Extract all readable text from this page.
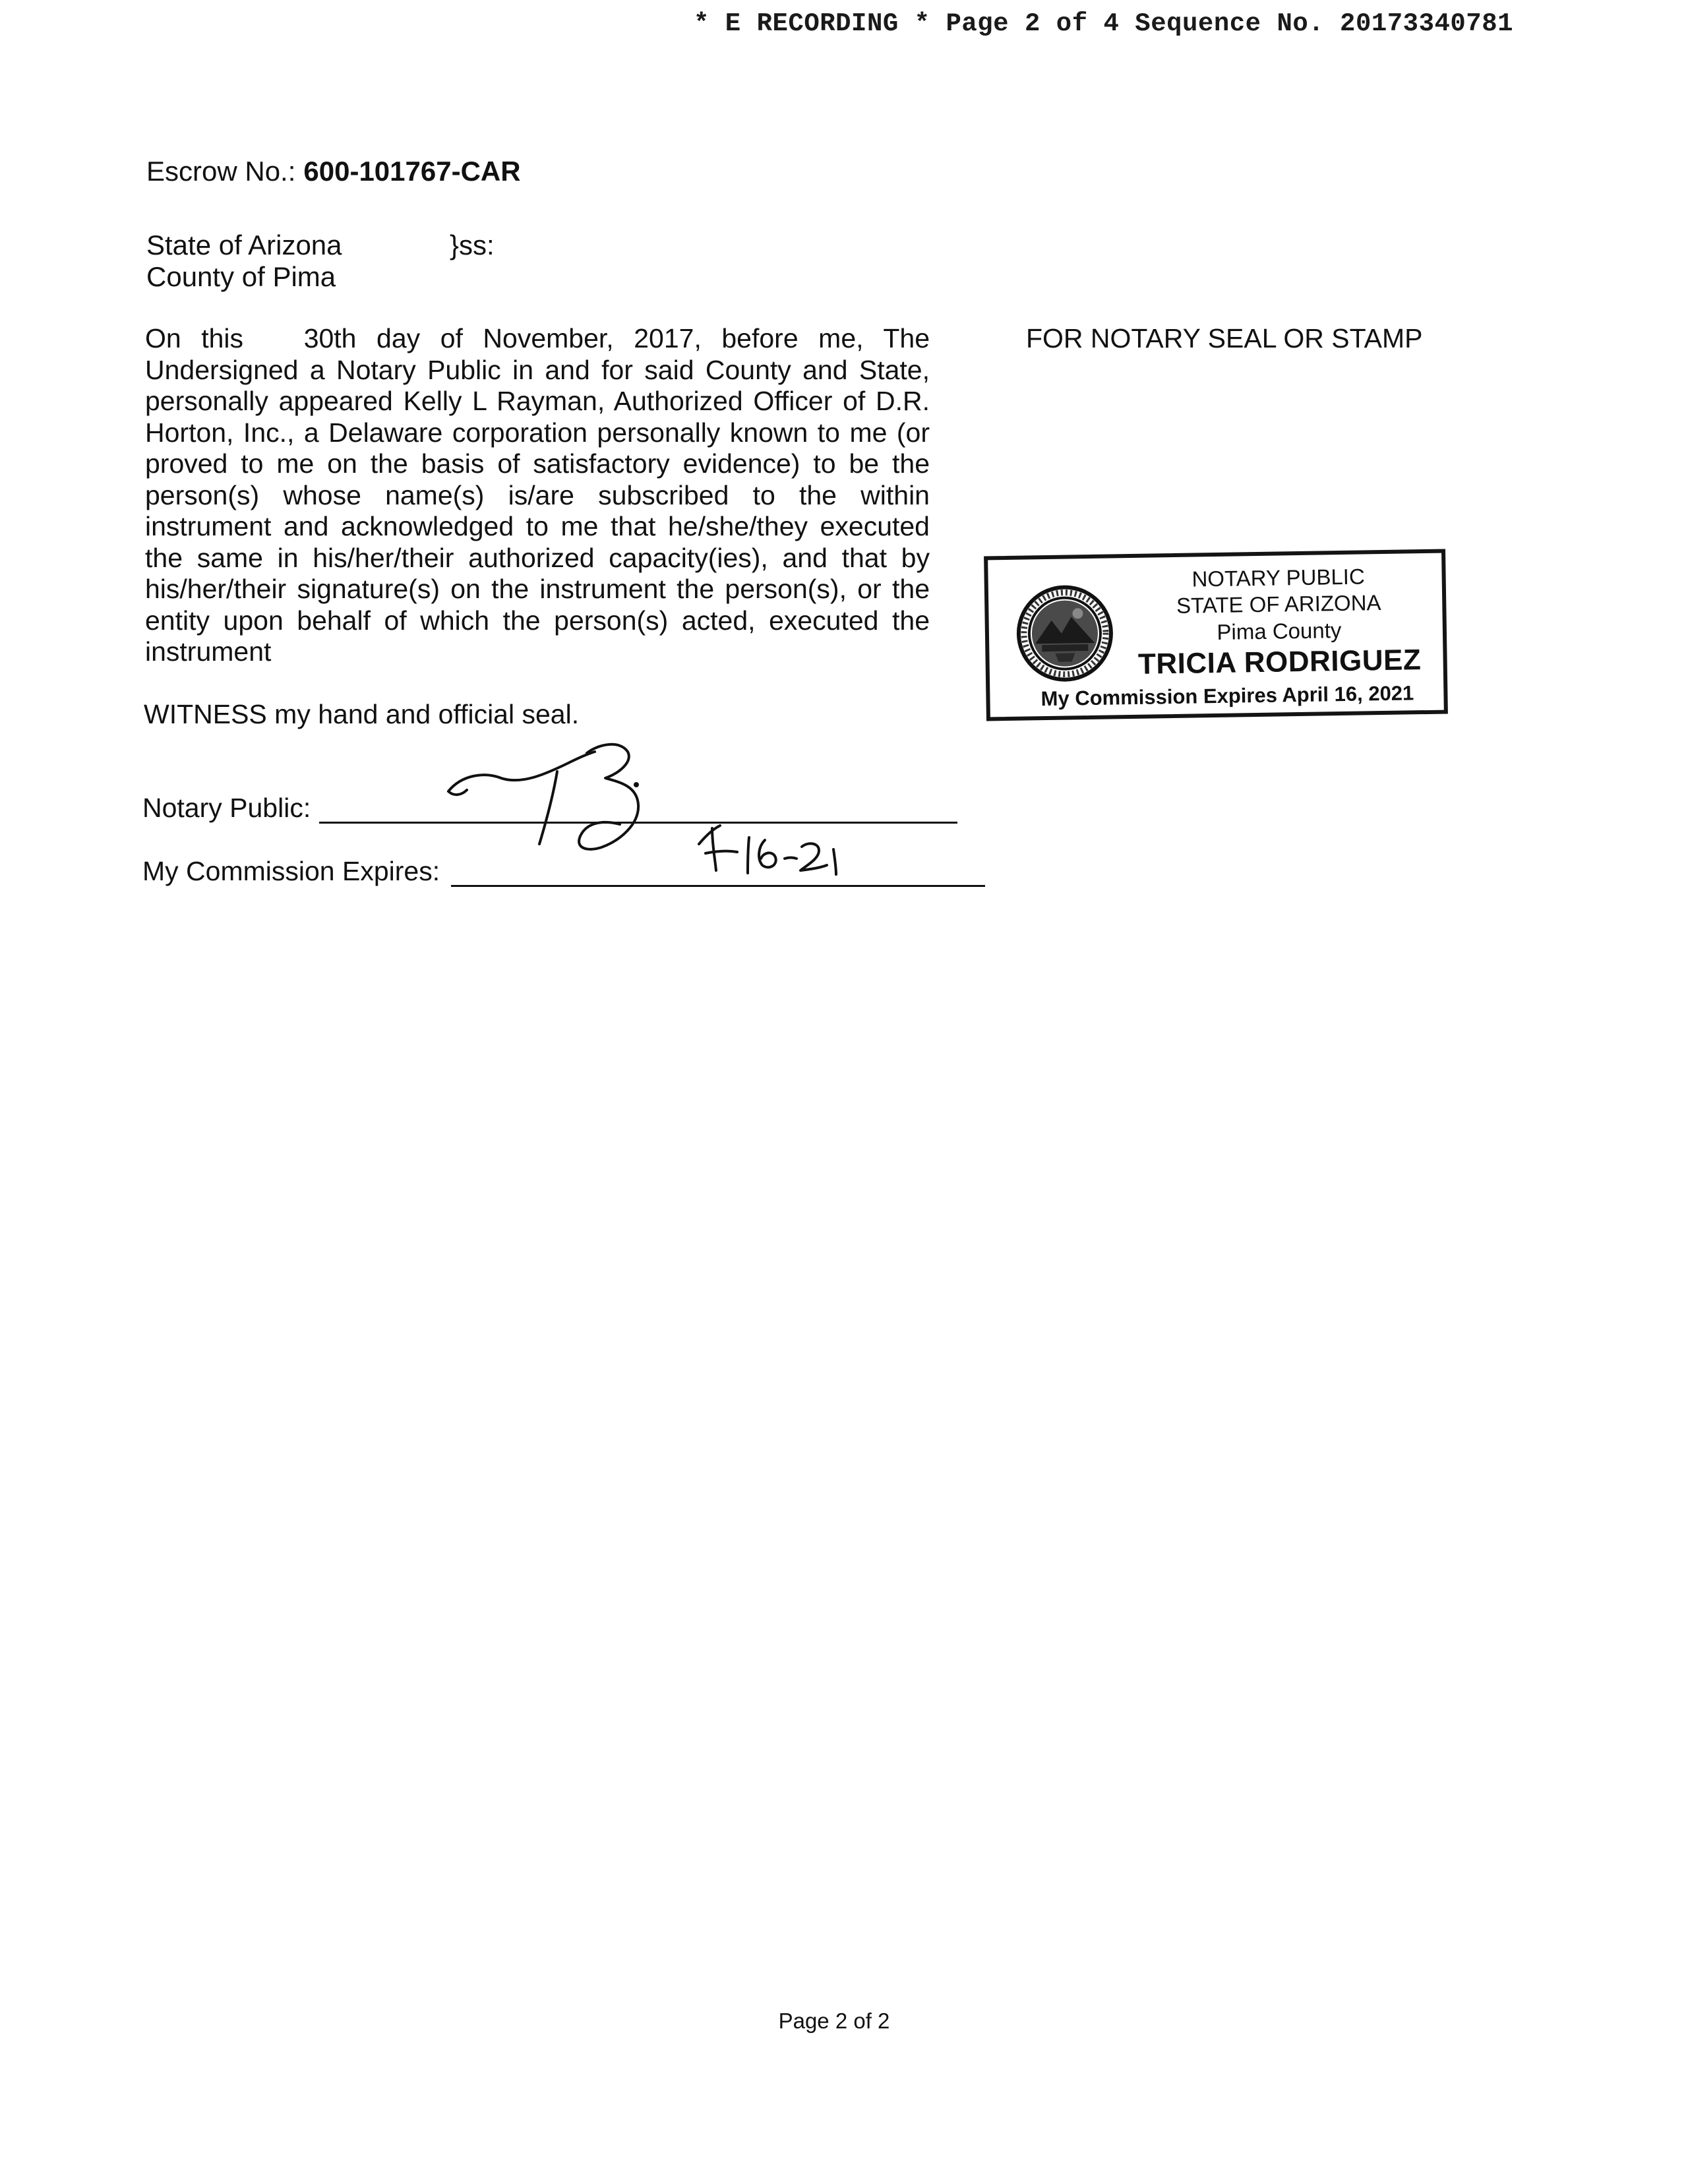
* E RECORDING * Page 2 of 4 Sequence No. 20173340781
Escrow No.: 600-101767-CAR
State of Arizona
County of Pima
}ss:
On this   30th day of November, 2017, before me, The Undersigned a Notary Public in and for said County and State, personally appeared Kelly L Rayman, Authorized Officer of D.R. Horton, Inc., a Delaware corporation personally known to me (or proved to me on the basis of satisfactory evidence) to be the person(s) whose name(s) is/are subscribed to the within instrument and acknowledged to me that he/she/they executed the same in his/her/their authorized capacity(ies), and that by his/her/their signature(s) on the instrument the person(s), or the entity upon behalf of which the person(s) acted, executed the instrument
FOR NOTARY SEAL OR STAMP
WITNESS my hand and official seal.
Notary Public:
My Commission Expires:
NOTARY PUBLIC
STATE OF ARIZONA
Pima County
TRICIA RODRIGUEZ
My Commission Expires April 16, 2021
Page 2 of 2
